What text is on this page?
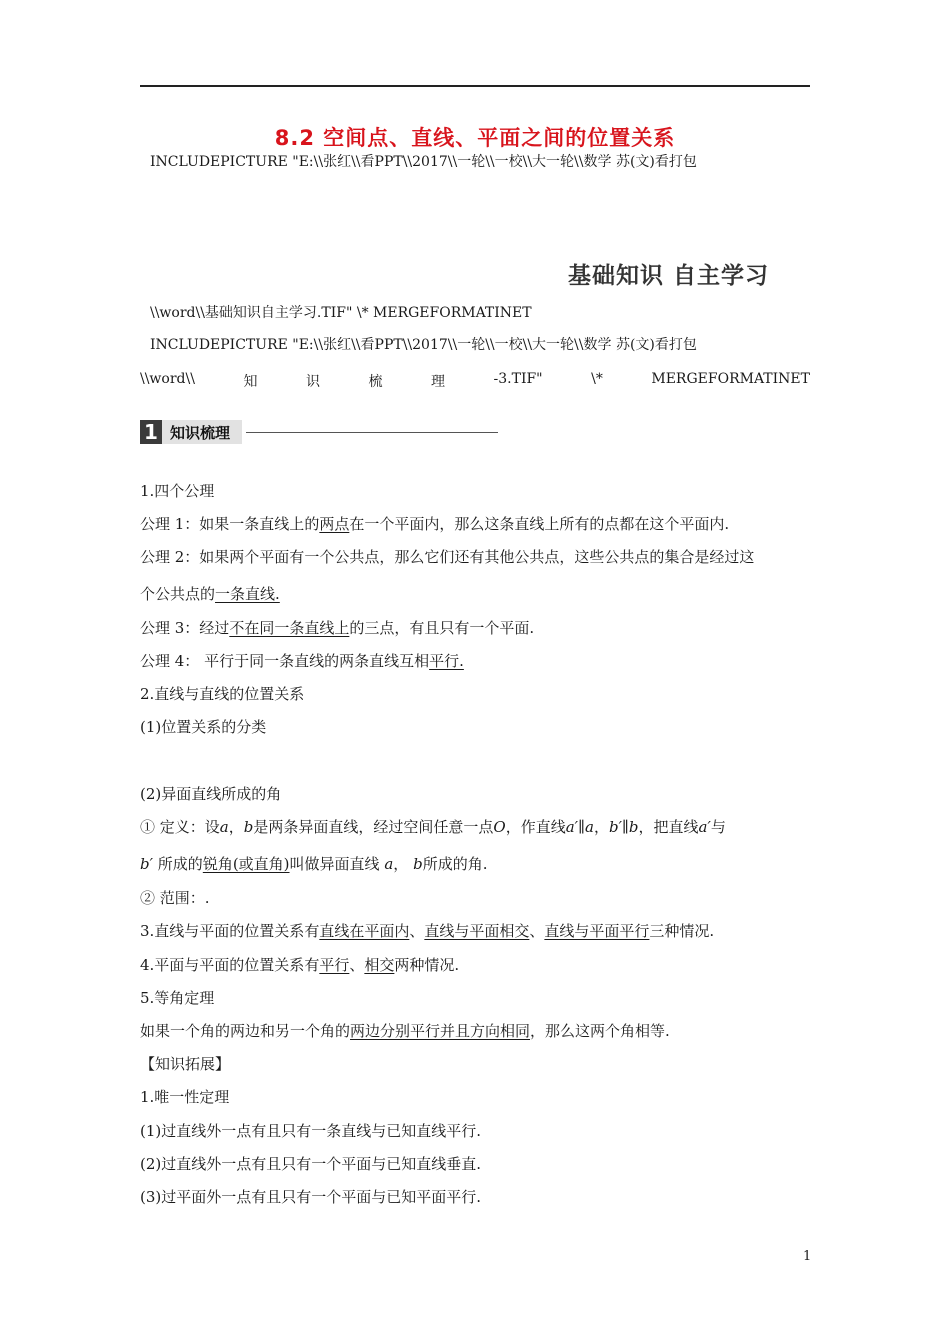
8.2 空间点、直线、平面之间的位置关系
INCLUDEPICTURE "E:\\张红\\看PPT\\2017\\一轮\\一校\\大一轮\\数学 苏(文)看打包
基础知识 自主学习
\\word\\基础知识自主学习.TIF" \* MERGEFORMATINET
INCLUDEPICTURE "E:\\张红\\看PPT\\2017\\一轮\\一校\\大一轮\\数学 苏(文)看打包
\\word\\	知	识	梳	理	-3.TIF"	\*	MERGEFORMATINET
1 知识梳理
1.四个公理
公理 1：如果一条直线上的两点在一个平面内，那么这条直线上所有的点都在这个平面内.
公理 2：如果两个平面有一个公共点，那么它们还有其他公共点，这些公共点的集合是经过这
个公共点的一条直线.
公理 3：经过不在同一条直线上的三点，有且只有一个平面.
公理 4： 平行于同一条直线的两条直线互相平行.
2.直线与直线的位置关系
(1)位置关系的分类
(2)异面直线所成的角
① 定义：设a，b是两条异面直线，经过空间任意一点O，作直线a′∥a，b′∥b，把直线a′与
b′ 所成的锐角(或直角)叫做异面直线 a， b所成的角.
② 范围：.
3.直线与平面的位置关系有直线在平面内、直线与平面相交、直线与平面平行三种情况.
4.平面与平面的位置关系有平行、相交两种情况.
5.等角定理
如果一个角的两边和另一个角的两边分别平行并且方向相同，那么这两个角相等.
【知识拓展】
1.唯一性定理
(1)过直线外一点有且只有一条直线与已知直线平行.
(2)过直线外一点有且只有一个平面与已知直线垂直.
(3)过平面外一点有且只有一个平面与已知平面平行.
1
